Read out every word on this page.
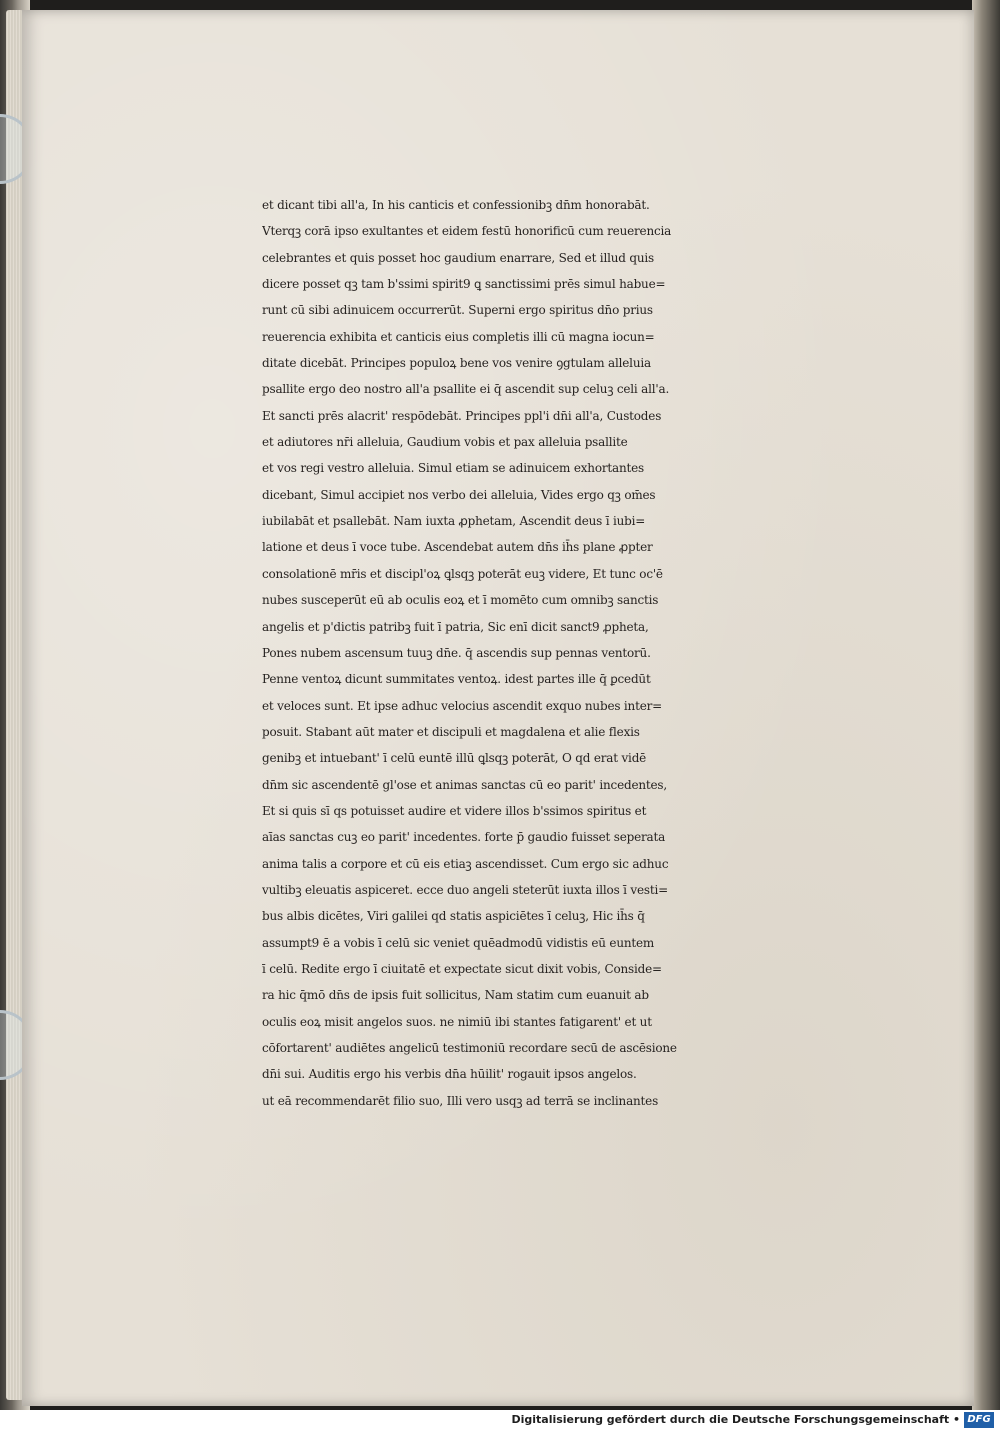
et dicant tibi all'a, In his canticis et confessionibꝫ dn̄m honorabāt.
Vterqꝫ corā ipso exultantes et eidem festū honorificū cum reuerencia
celebrantes et quis posset hoc gaudium enarrare, Sed et illud quis
dicere posset qꝫ tam b'ssimi spirit9 ꝗ sanctissimi prēs simul habue=
runt cū sibi adinuicem occurrerūt. Superni ergo spiritus dn̄o prius
reuerencia exhibita et canticis eius completis illi cū magna iocun=
ditate dicebāt. Principes populoꝝ bene vos venire ꝯgtulam alleluia
psallite ergo deo nostro all'a psallite ei q̄ ascendit sup celuꝫ celi all'a.
Et sancti prēs alacrit' respōdebāt. Principes ppl'i dn̄i all'a, Custodes
et adiutores nr̄i alleluia, Gaudium vobis et pax alleluia psallite
et vos regi vestro alleluia. Simul etiam se adinuicem exhortantes
dicebant, Simul accipiet nos verbo dei alleluia, Vides ergo qꝫ om̄es
iubilabāt et psallebāt. Nam iuxta ꝓphetam, Ascendit deus ī iubi=
latione et deus ī voce tube. Ascendebat autem dn̄s ih̄s plane ꝓpter
consolationē mr̄is et discipl'oꝝ ꝗlsqꝫ poterāt euꝫ videre, Et tunc oc'ē
nubes susceperūt eū ab oculis eoꝝ et ī momēto cum omnibꝫ sanctis
angelis et p'dictis patribꝫ fuit ī patria, Sic enī dicit sanct9 ꝓpheta,
Pones nubem ascensum tuuꝫ dn̄e. q̄ ascendis sup pennas ventorū.
Penne ventoꝝ dicunt summitates ventoꝝ. idest partes ille q̄ ꝑcedūt
et veloces sunt. Et ipse adhuc velocius ascendit exquo nubes inter=
posuit. Stabant aūt mater et discipuli et magdalena et alie flexis
genibꝫ et intuebant' ī celū euntē illū ꝗlsqꝫ poterāt, O qd erat vidē
dn̄m sic ascendentē gl'ose et animas sanctas cū eo parit' incedentes,
Et si quis sī qs potuisset audire et videre illos b'ssimos spiritus et
aīas sanctas cuꝫ eo parit' incedentes. forte p̄ gaudio fuisset seperata
anima talis a corpore et cū eis etiaꝫ ascendisset. Cum ergo sic adhuc
vultibꝫ eleuatis aspiceret. ecce duo angeli steterūt iuxta illos ī vesti=
bus albis dicētes, Viri galilei qd statis aspiciētes ī celuꝫ, Hic ih̄s q̄
assumpt9 ē a vobis ī celū sic veniet quēadmodū vidistis eū euntem
ī celū. Redite ergo ī ciuitatē et expectate sicut dixit vobis, Conside=
ra hic q̄mō dn̄s de ipsis fuit sollicitus, Nam statim cum euanuit ab
oculis eoꝝ misit angelos suos. ne nimiū ibi stantes fatigarent' et ut
cōfortarent' audiētes angelicū testimoniū recordare secū de ascēsione
dn̄i sui. Auditis ergo his verbis dn̄a hūilit' rogauit ipsos angelos.
ut eā recommendarēt filio suo, Illi vero usqꝫ ad terrā se inclinantes
Digitalisierung gefördert durch die Deutsche Forschungsgemeinschaft • DFG
